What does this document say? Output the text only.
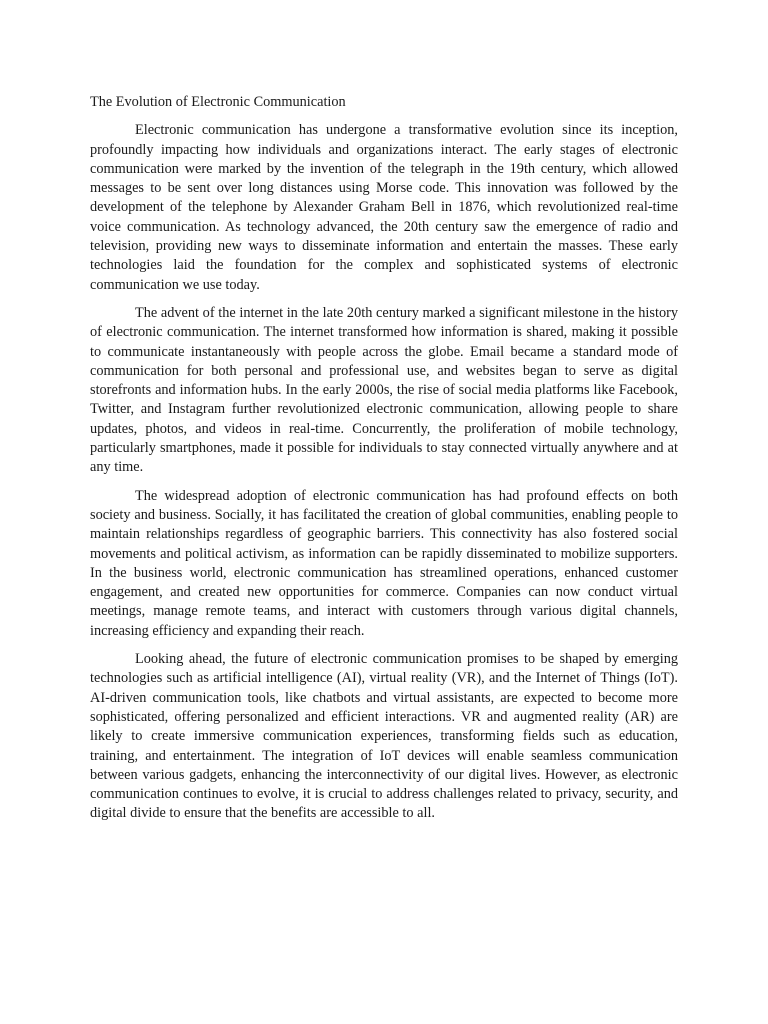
The Evolution of Electronic Communication

Electronic communication has undergone a transformative evolution since its inception, profoundly impacting how individuals and organizations interact. The early stages of electronic communication were marked by the invention of the telegraph in the 19th century, which allowed messages to be sent over long distances using Morse code. This innovation was followed by the development of the telephone by Alexander Graham Bell in 1876, which revolutionized real-time voice communication. As technology advanced, the 20th century saw the emergence of radio and television, providing new ways to disseminate information and entertain the masses. These early technologies laid the foundation for the complex and sophisticated systems of electronic communication we use today.

The advent of the internet in the late 20th century marked a significant milestone in the history of electronic communication. The internet transformed how information is shared, making it possible to communicate instantaneously with people across the globe. Email became a standard mode of communication for both personal and professional use, and websites began to serve as digital storefronts and information hubs. In the early 2000s, the rise of social media platforms like Facebook, Twitter, and Instagram further revolutionized electronic communication, allowing people to share updates, photos, and videos in real-time. Concurrently, the proliferation of mobile technology, particularly smartphones, made it possible for individuals to stay connected virtually anywhere and at any time.

The widespread adoption of electronic communication has had profound effects on both society and business. Socially, it has facilitated the creation of global communities, enabling people to maintain relationships regardless of geographic barriers. This connectivity has also fostered social movements and political activism, as information can be rapidly disseminated to mobilize supporters. In the business world, electronic communication has streamlined operations, enhanced customer engagement, and created new opportunities for commerce. Companies can now conduct virtual meetings, manage remote teams, and interact with customers through various digital channels, increasing efficiency and expanding their reach.

Looking ahead, the future of electronic communication promises to be shaped by emerging technologies such as artificial intelligence (AI), virtual reality (VR), and the Internet of Things (IoT). AI-driven communication tools, like chatbots and virtual assistants, are expected to become more sophisticated, offering personalized and efficient interactions. VR and augmented reality (AR) are likely to create immersive communication experiences, transforming fields such as education, training, and entertainment. The integration of IoT devices will enable seamless communication between various gadgets, enhancing the interconnectivity of our digital lives. However, as electronic communication continues to evolve, it is crucial to address challenges related to privacy, security, and digital divide to ensure that the benefits are accessible to all.
